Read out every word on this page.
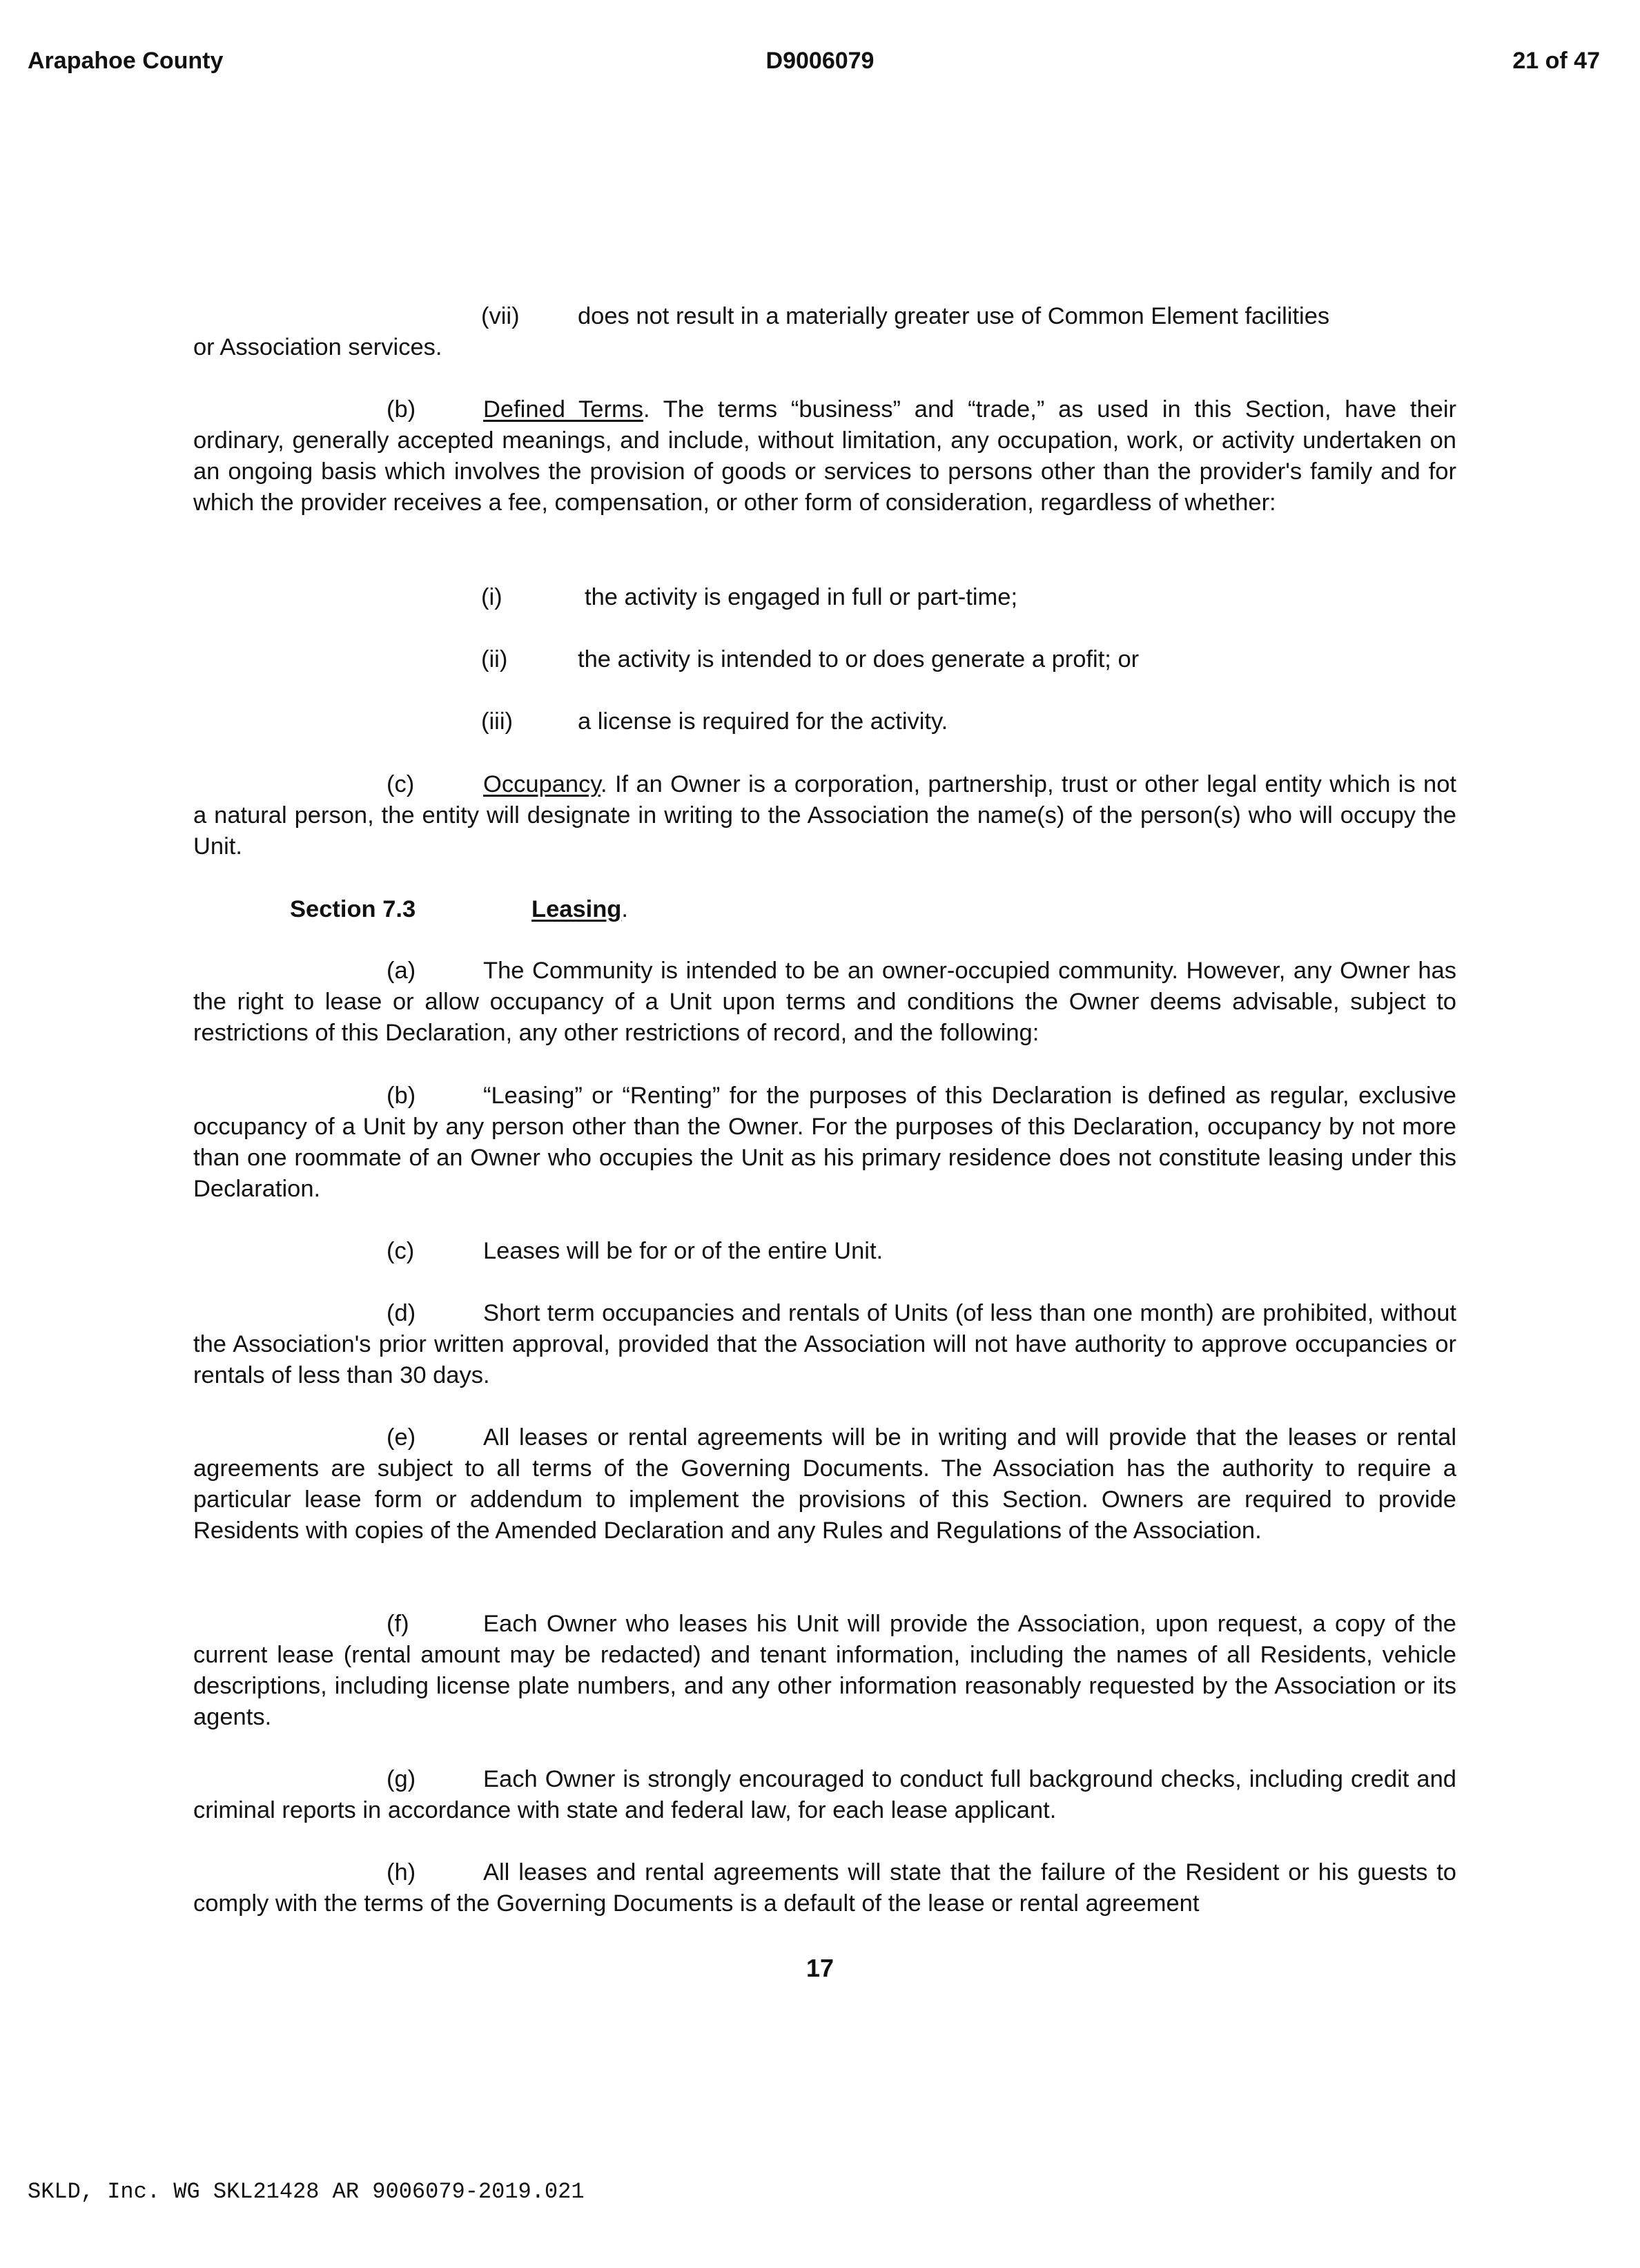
Arapahoe County	D9006079	21 of 47
(vii) does not result in a materially greater use of Common Element facilities
or Association services.
(b)	Defined Terms. The terms “business” and “trade,” as used in this Section, have their ordinary, generally accepted meanings, and include, without limitation, any occupation, work, or activity undertaken on an ongoing basis which involves the provision of goods or services to persons other than the provider's family and for which the provider receives a fee, compensation, or other form of consideration, regardless of whether:
(i)	the activity is engaged in full or part-time;
(ii)	the activity is intended to or does generate a profit; or
(iii)	a license is required for the activity.
(c)	Occupancy. If an Owner is a corporation, partnership, trust or other legal entity which is not a natural person, the entity will designate in writing to the Association the name(s) of the person(s) who will occupy the Unit.
Section 7.3	Leasing.
(a)	The Community is intended to be an owner-occupied community. However, any Owner has the right to lease or allow occupancy of a Unit upon terms and conditions the Owner deems advisable, subject to restrictions of this Declaration, any other restrictions of record, and the following:
(b)	“Leasing” or “Renting” for the purposes of this Declaration is defined as regular, exclusive occupancy of a Unit by any person other than the Owner. For the purposes of this Declaration, occupancy by not more than one roommate of an Owner who occupies the Unit as his primary residence does not constitute leasing under this Declaration.
(c)	Leases will be for or of the entire Unit.
(d)	Short term occupancies and rentals of Units (of less than one month) are prohibited, without the Association's prior written approval, provided that the Association will not have authority to approve occupancies or rentals of less than 30 days.
(e)	All leases or rental agreements will be in writing and will provide that the leases or rental agreements are subject to all terms of the Governing Documents. The Association has the authority to require a particular lease form or addendum to implement the provisions of this Section. Owners are required to provide Residents with copies of the Amended Declaration and any Rules and Regulations of the Association.
(f)	Each Owner who leases his Unit will provide the Association, upon request, a copy of the current lease (rental amount may be redacted) and tenant information, including the names of all Residents, vehicle descriptions, including license plate numbers, and any other information reasonably requested by the Association or its agents.
(g)	Each Owner is strongly encouraged to conduct full background checks, including credit and criminal reports in accordance with state and federal law, for each lease applicant.
(h)	All leases and rental agreements will state that the failure of the Resident or his guests to comply with the terms of the Governing Documents is a default of the lease or rental agreement
17
SKLD, Inc. WG SKL21428 AR 9006079-2019.021
